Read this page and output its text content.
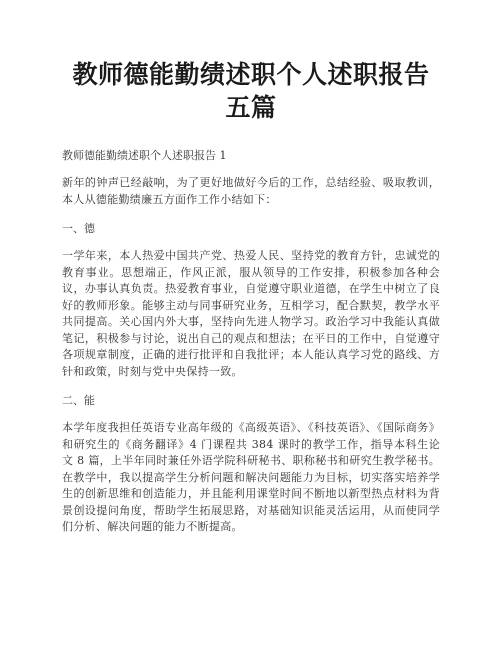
教师德能勤绩述职个人述职报告五篇
教师德能勤绩述职个人述职报告 1

新年的钟声已经敲响，为了更好地做好今后的工作，总结经验、吸取教训，本人从德能勤绩廉五方面作工作小结如下：

一、德

一学年来，本人热爱中国共产党、热爱人民、坚持党的教育方针，忠诚党的教育事业。思想端正，作风正派，服从领导的工作安排，积极参加各种会议，办事认真负责。热爱教育事业，自觉遵守职业道德，在学生中树立了良好的教师形象。能够主动与同事研究业务，互相学习，配合默契，教学水平共同提高。关心国内外大事，坚持向先进人物学习。政治学习中我能认真做笔记，积极参与讨论，说出自己的观点和想法；在平日的工作中，自觉遵守各项规章制度，正确的进行批评和自我批评；本人能认真学习党的路线、方针和政策，时刻与党中央保持一致。

二、能

本学年度我担任英语专业高年级的《高级英语》、《科技英语》、《国际商务》和研究生的《商务翻译》4 门课程共 384 课时的教学工作，指导本科生论文 8 篇，上半年同时兼任外语学院科研秘书、职称秘书和研究生教学秘书。在教学中，我以提高学生分析问题和解决问题能力为目标，切实落实培养学生的创新思维和创造能力，并且能利用课堂时间不断地以新型热点材料为背景创设提问角度，帮助学生拓展思路，对基础知识能灵活运用，从而使同学们分析、解决问题的能力不断提高。
